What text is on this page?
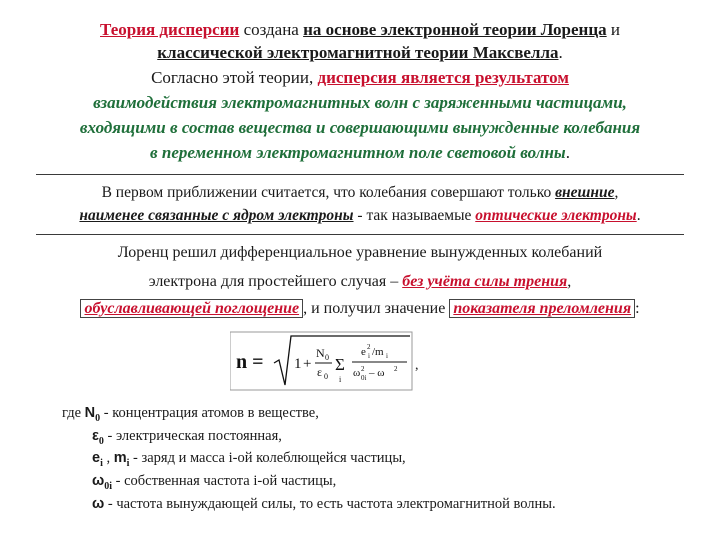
Теория дисперсии создана на основе электронной теории Лоренца и
классической электромагнитной теории Максвелла.
Согласно этой теории, дисперсия является результатом
взаимодействия электромагнитных волн с заряженными частицами,
входящими в состав вещества и совершающими вынужденные колебания
в переменном электромагнитном поле световой волны.
В первом приближении считается, что колебания совершают только внешние,
наименее связанные с ядром электроны - так называемые оптические электроны.
Лоренц решил дифференциальное уравнение вынужденных колебаний
электрона для простейшего случая – без учёта силы трения,
обуславливающей поглощение , и получил значение показателя преломления :
n = 1 +
N 0
ε 0
Σ
i
e i
2 /m i
ω 0i
2 – ω 2 ,
где $N_0$ - концентрация атомов в веществе,
$\varepsilon_0$ - электрическая постоянная,
$e_i$ , $m_i$ - заряд и масса i-ой колеблющейся частицы,
$\omega_{0i}$ - собственная частота i-ой частицы,
ω - частота вынуждающей силы, то есть частота электромагнитной волны.
